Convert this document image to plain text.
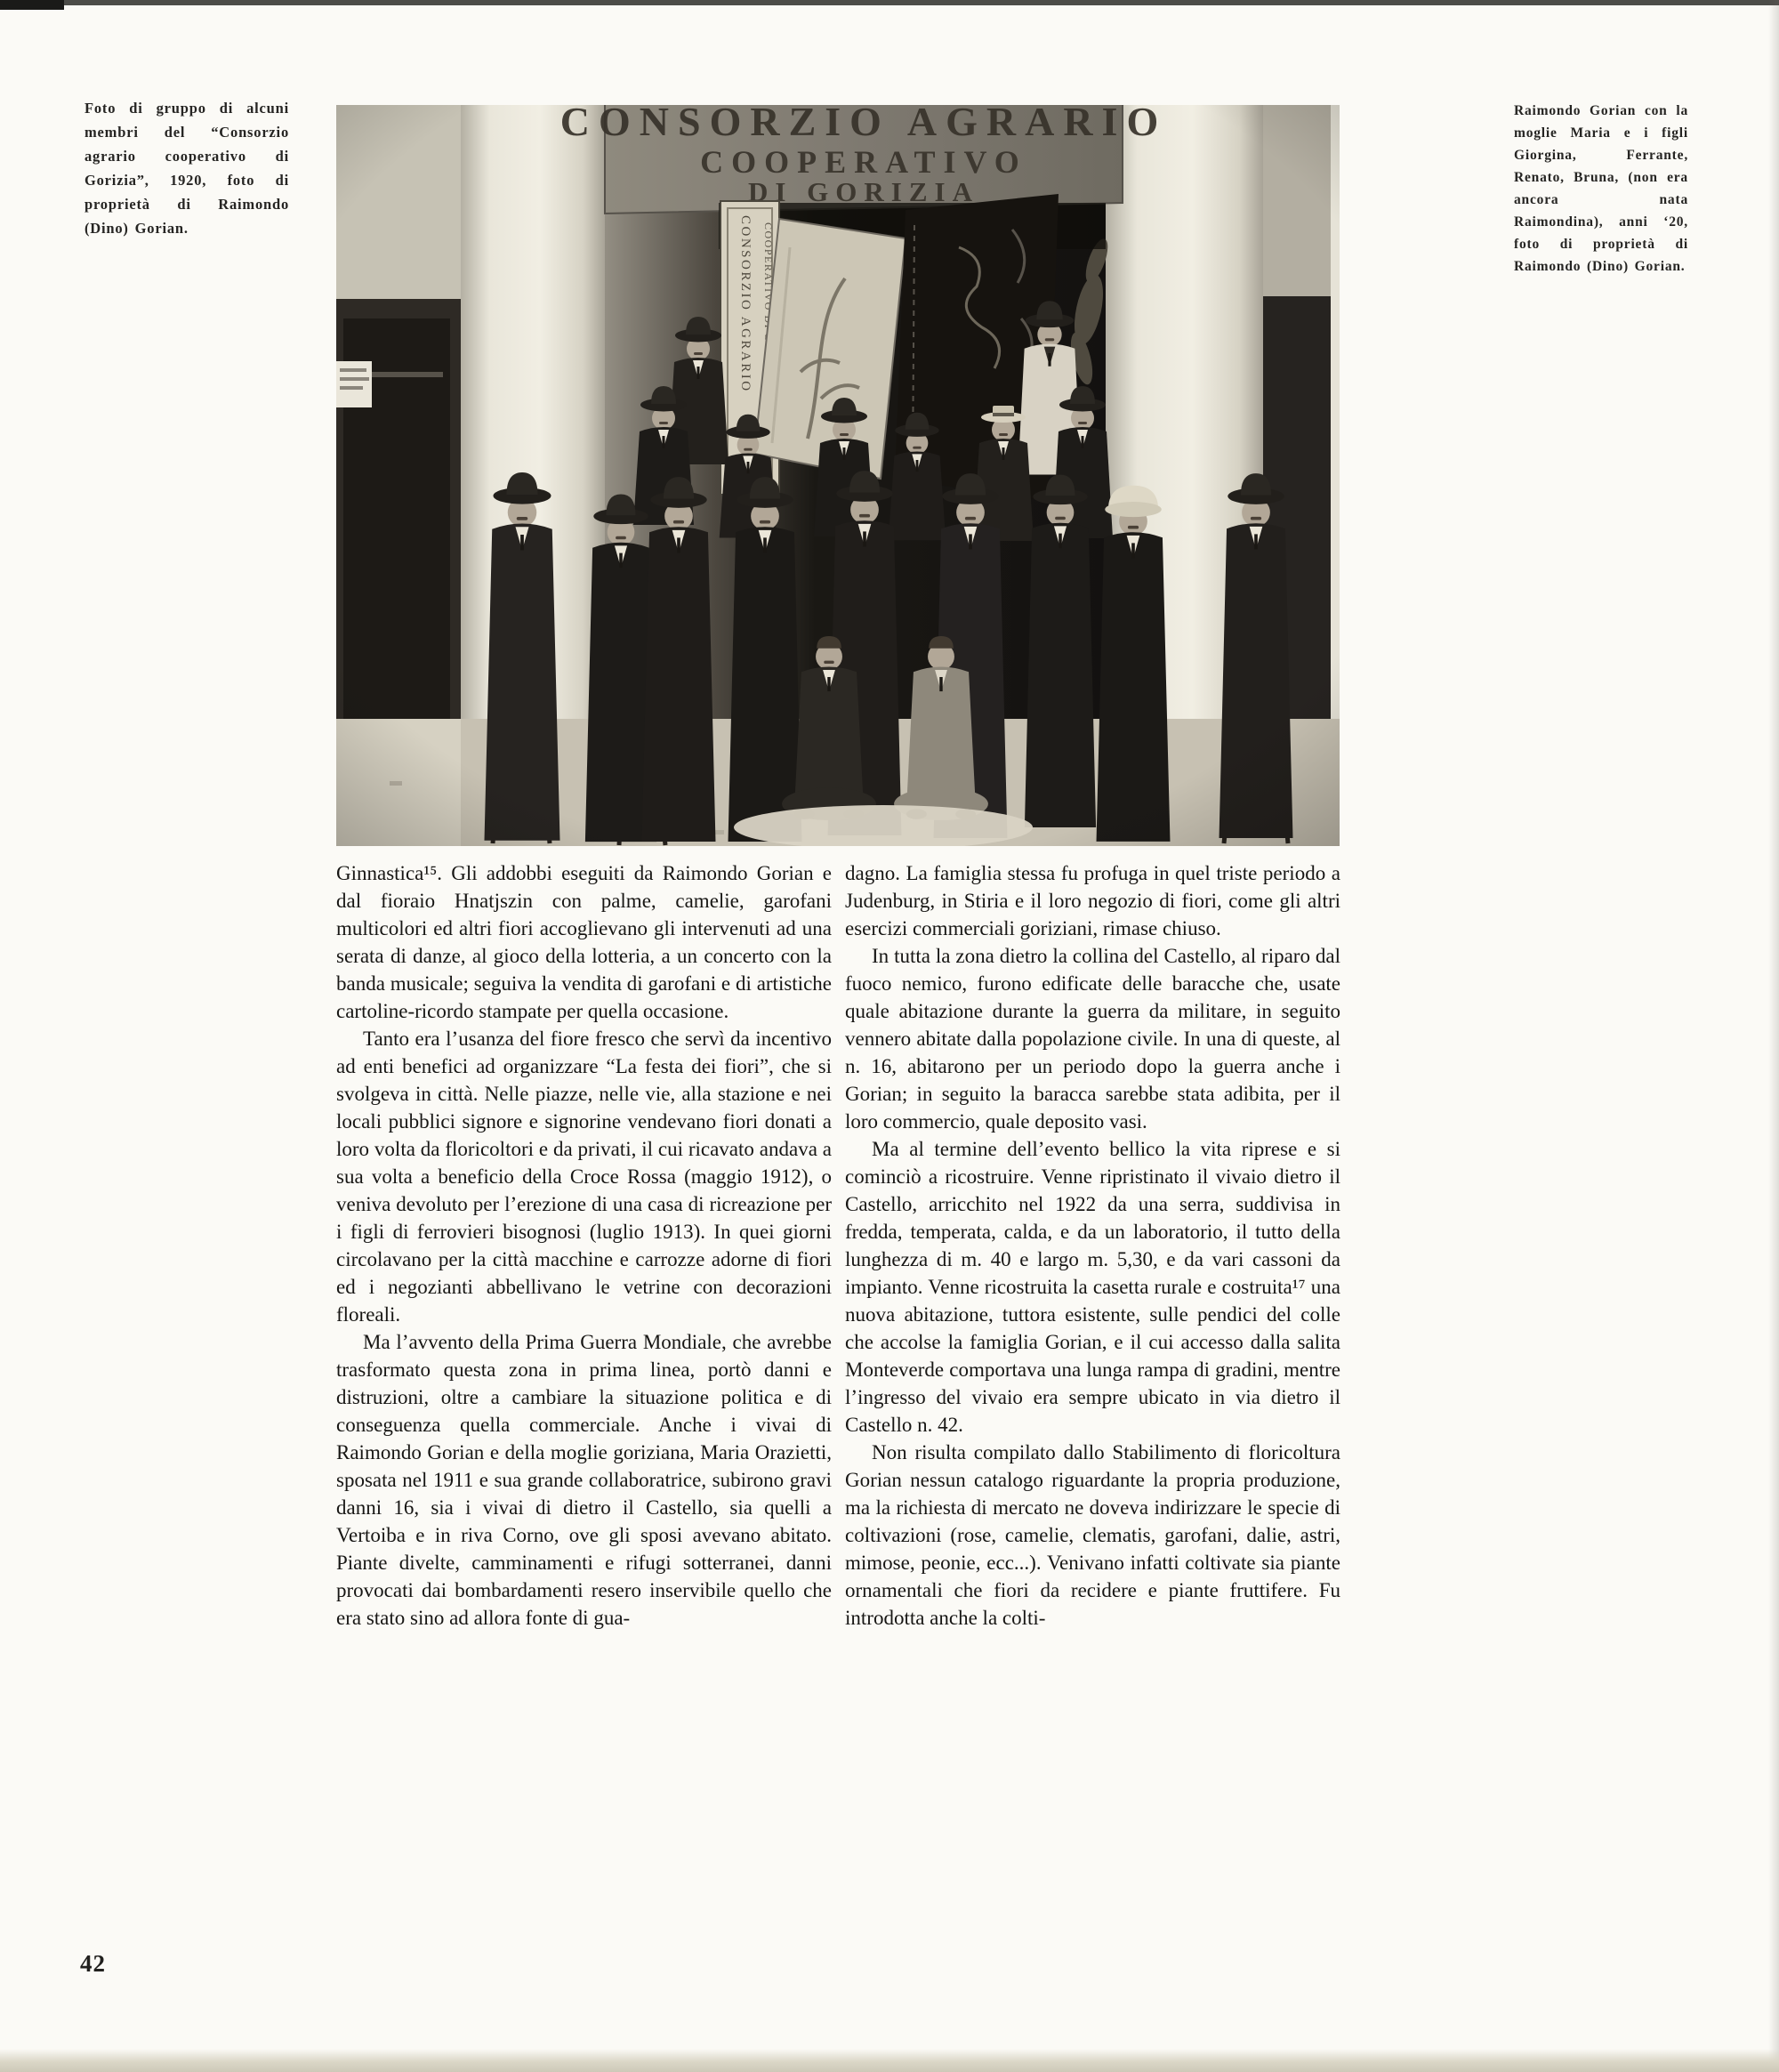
Foto di gruppo di alcuni membri del “Consorzio agrario cooperativo di Gorizia”, 1920, foto di proprietà di Raimondo (Dino) Gorian.
Raimondo Gorian con la moglie Maria e i figli Giorgina, Ferrante, Renato, Bruna, (non era ancora nata Raimondina), anni ‘20, foto di proprietà di Raimondo (Dino) Gorian.

Ginnastica¹⁵. Gli addobbi eseguiti da Raimondo Gorian e dal fioraio Hnatjszin con palme, camelie, garofani multicolori ed altri fiori accoglievano gli intervenuti ad una serata di danze, al gioco della lotteria, a un concerto con la banda musicale; seguiva la vendita di garofani e di artistiche cartoline-ricordo stampate per quella occasione.

Tanto era l’usanza del fiore fresco che servì da incentivo ad enti benefici ad organizzare “La festa dei fiori”, che si svolgeva in città. Nelle piazze, nelle vie, alla stazione e nei locali pubblici signore e signorine vendevano fiori donati a loro volta da floricoltori e da privati, il cui ricavato andava a sua volta a beneficio della Croce Rossa (maggio 1912), o veniva devoluto per l’erezione di una casa di ricreazione per i figli di ferrovieri bisognosi (luglio 1913). In quei giorni circolavano per la città macchine e carrozze adorne di fiori ed i negozianti abbellivano le vetrine con decorazioni floreali.

Ma l’avvento della Prima Guerra Mondiale, che avrebbe trasformato questa zona in prima linea, portò danni e distruzioni, oltre a cambiare la situazione politica e di conseguenza quella commerciale. Anche i vivai di Raimondo Gorian e della moglie goriziana, Maria Orazietti, sposata nel 1911 e sua grande collaboratrice, subirono gravi danni 16, sia i vivai di dietro il Castello, sia quelli a Vertoiba e in riva Corno, ove gli sposi avevano abitato. Piante divelte, camminamenti e rifugi sotterranei, danni provocati dai bombardamenti resero inservibile quello che era stato sino ad allora fonte di gua-

dagno. La famiglia stessa fu profuga in quel triste periodo a Judenburg, in Stiria e il loro negozio di fiori, come gli altri esercizi commerciali goriziani, rimase chiuso.

In tutta la zona dietro la collina del Castello, al riparo dal fuoco nemico, furono edificate delle baracche che, usate quale abitazione durante la guerra da militare, in seguito vennero abitate dalla popolazione civile. In una di queste, al n. 16, abitarono per un periodo dopo la guerra anche i Gorian; in seguito la baracca sarebbe stata adibita, per il loro commercio, quale deposito vasi.

Ma al termine dell’evento bellico la vita riprese e si cominciò a ricostruire. Venne ripristinato il vivaio dietro il Castello, arricchito nel 1922 da una serra, suddivisa in fredda, temperata, calda, e da un laboratorio, il tutto della lunghezza di m. 40 e largo m. 5,30, e da vari cassoni da impianto. Venne ricostruita la casetta rurale e costruita¹⁷ una nuova abitazione, tuttora esistente, sulle pendici del colle che accolse la famiglia Gorian, e il cui accesso dalla salita Monteverde comportava una lunga rampa di gradini, mentre l’ingresso del vivaio era sempre ubicato in via dietro il Castello n. 42.

Non risulta compilato dallo Stabilimento di floricoltura Gorian nessun catalogo riguardante la propria produzione, ma la richiesta di mercato ne doveva indirizzare le specie di coltivazioni (rose, camelie, clematis, garofani, dalie, astri, mimose, peonie, ecc...). Venivano infatti coltivate sia piante ornamentali che fiori da recidere e piante fruttifere. Fu introdotta anche la colti-

42
